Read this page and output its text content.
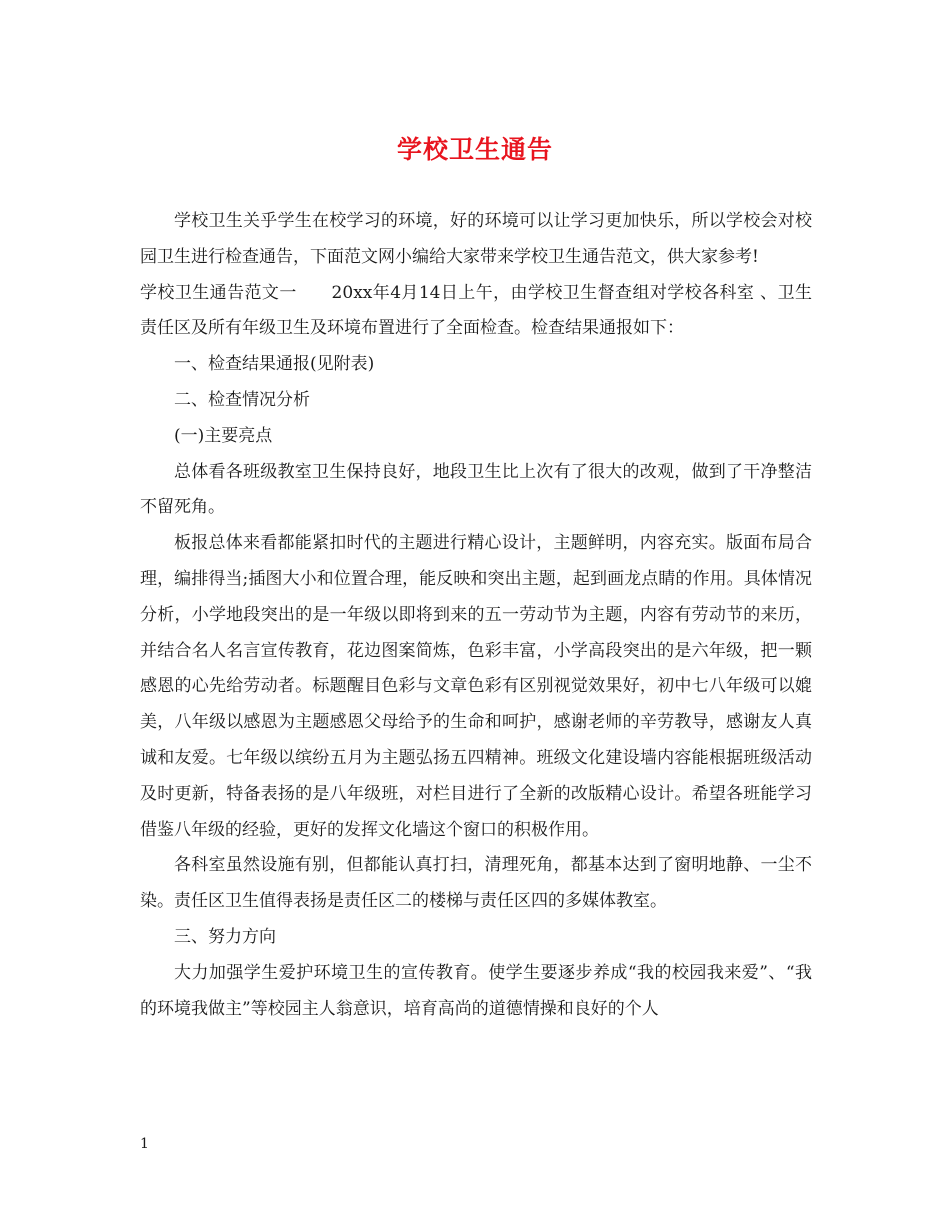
学校卫生通告

学校卫生关乎学生在校学习的环境，好的环境可以让学习更加快乐，所以学校会对校园卫生进行检查通告，下面范文网小编给大家带来学校卫生通告范文，供大家参考!

学校卫生通告范文一　　20xx年4月14日上午，由学校卫生督查组对学校各科室 、卫生责任区及所有年级卫生及环境布置进行了全面检查。检查结果通报如下：

一、检查结果通报(见附表)

二、检查情况分析

(一)主要亮点

总体看各班级教室卫生保持良好，地段卫生比上次有了很大的改观，做到了干净整洁不留死角。

板报总体来看都能紧扣时代的主题进行精心设计，主题鲜明，内容充实。版面布局合理，编排得当;插图大小和位置合理，能反映和突出主题，起到画龙点睛的作用。具体情况分析，小学地段突出的是一年级以即将到来的五一劳动节为主题，内容有劳动节的来历，并结合名人名言宣传教育，花边图案简炼，色彩丰富，小学高段突出的是六年级，把一颗感恩的心先给劳动者。标题醒目色彩与文章色彩有区别视觉效果好，初中七八年级可以媲美，八年级以感恩为主题感恩父母给予的生命和呵护，感谢老师的辛劳教导，感谢友人真诚和友爱。七年级以缤纷五月为主题弘扬五四精神。班级文化建设墙内容能根据班级活动及时更新，特备表扬的是八年级班，对栏目进行了全新的改版精心设计。希望各班能学习借鉴八年级的经验，更好的发挥文化墙这个窗口的积极作用。

各科室虽然设施有别，但都能认真打扫，清理死角，都基本达到了窗明地静、一尘不染。责任区卫生值得表扬是责任区二的楼梯与责任区四的多媒体教室。

三、努力方向

大力加强学生爱护环境卫生的宣传教育。使学生要逐步养成“我的校园我来爱”、“我的环境我做主”等校园主人翁意识，培育高尚的道德情操和良好的个人

1
